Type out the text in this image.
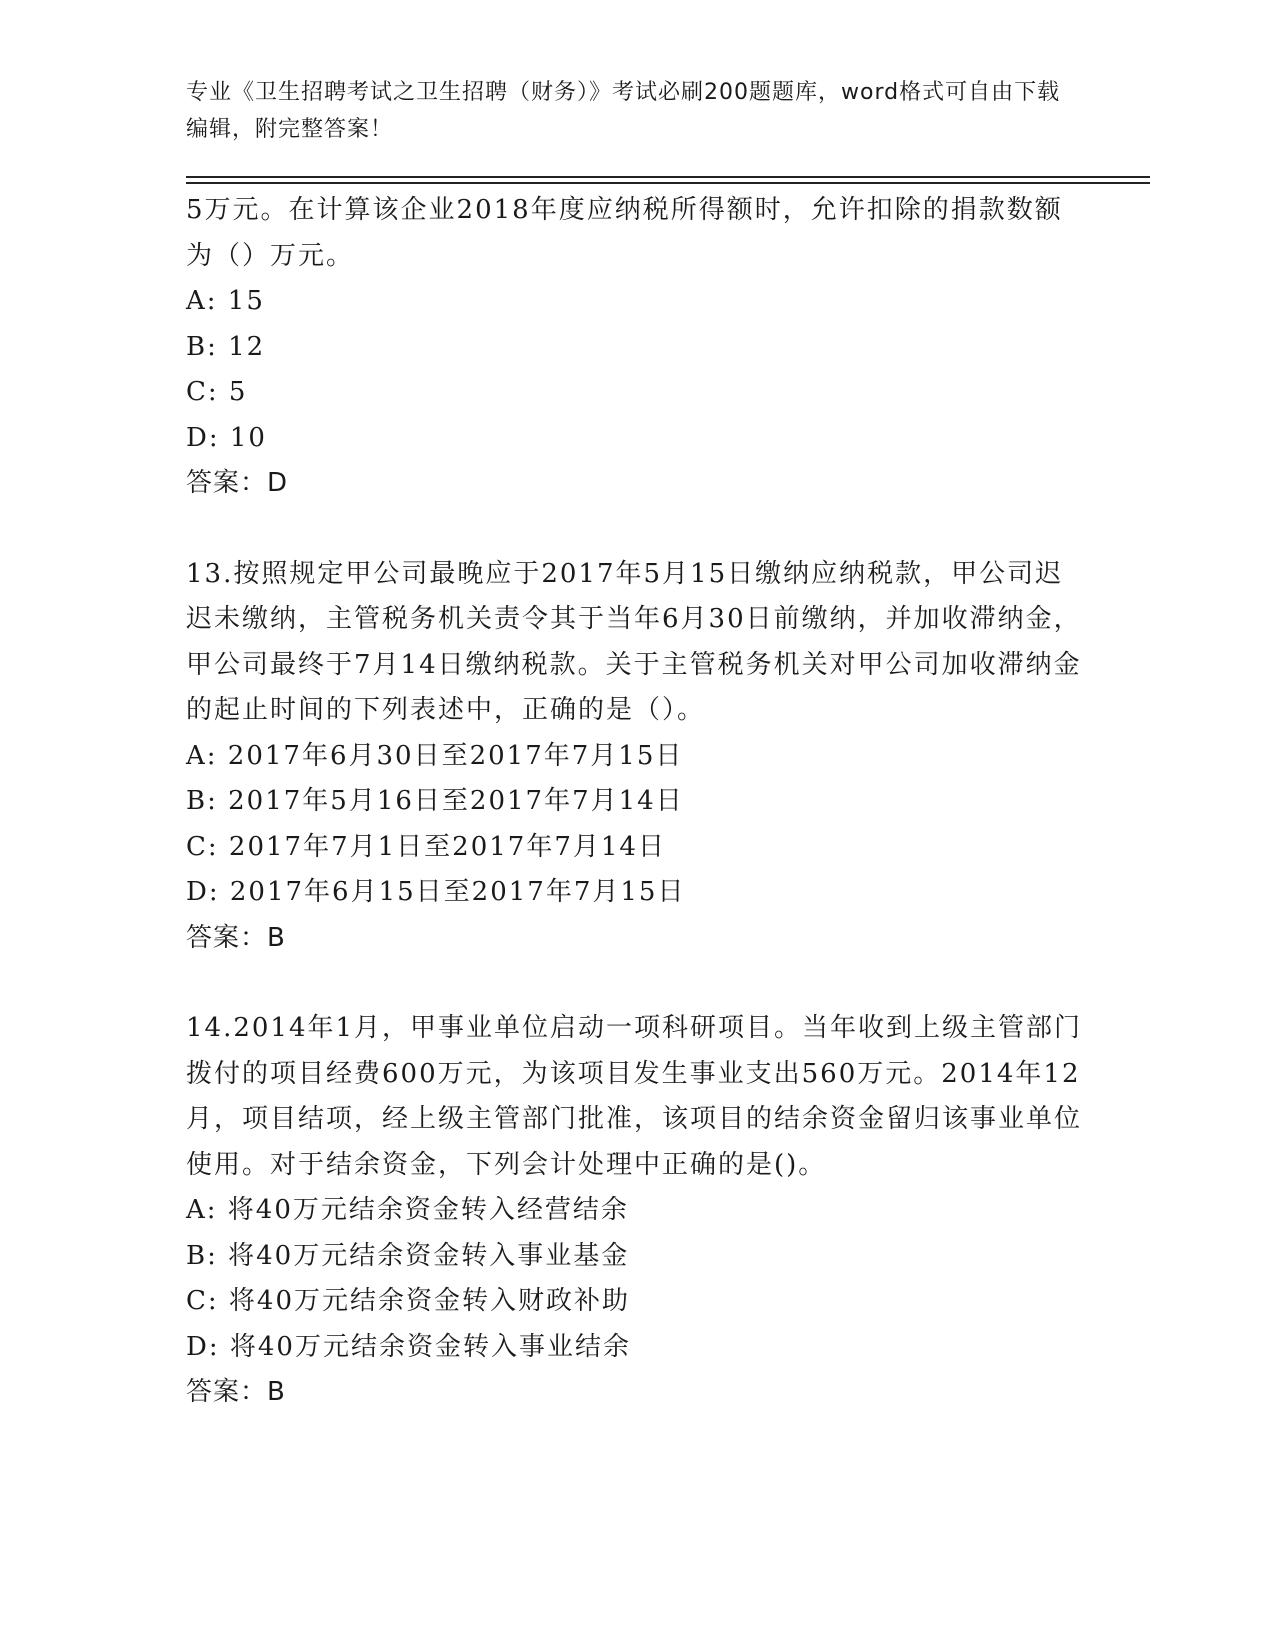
专业《卫生招聘考试之卫生招聘（财务）》考试必刷200题题库，word格式可自由下载编辑，附完整答案！

5万元。在计算该企业2018年度应纳税所得额时，允许扣除的捐款数额为（）万元。

A: 15

B: 12

C: 5

D: 10

答案：D

13.按照规定甲公司最晚应于2017年5月15日缴纳应纳税款，甲公司迟迟未缴纳，主管税务机关责令其于当年6月30日前缴纳，并加收滞纳金，甲公司最终于7月14日缴纳税款。关于主管税务机关对甲公司加收滞纳金的起止时间的下列表述中，正确的是（）。

A: 2017年6月30日至2017年7月15日

B: 2017年5月16日至2017年7月14日

C: 2017年7月1日至2017年7月14日

D: 2017年6月15日至2017年7月15日

答案：B

14.2014年1月，甲事业单位启动一项科研项目。当年收到上级主管部门拨付的项目经费600万元，为该项目发生事业支出560万元。2014年12月，项目结项，经上级主管部门批准，该项目的结余资金留归该事业单位使用。对于结余资金，下列会计处理中正确的是()。

A: 将40万元结余资金转入经营结余

B: 将40万元结余资金转入事业基金

C: 将40万元结余资金转入财政补助

D: 将40万元结余资金转入事业结余

答案：B
